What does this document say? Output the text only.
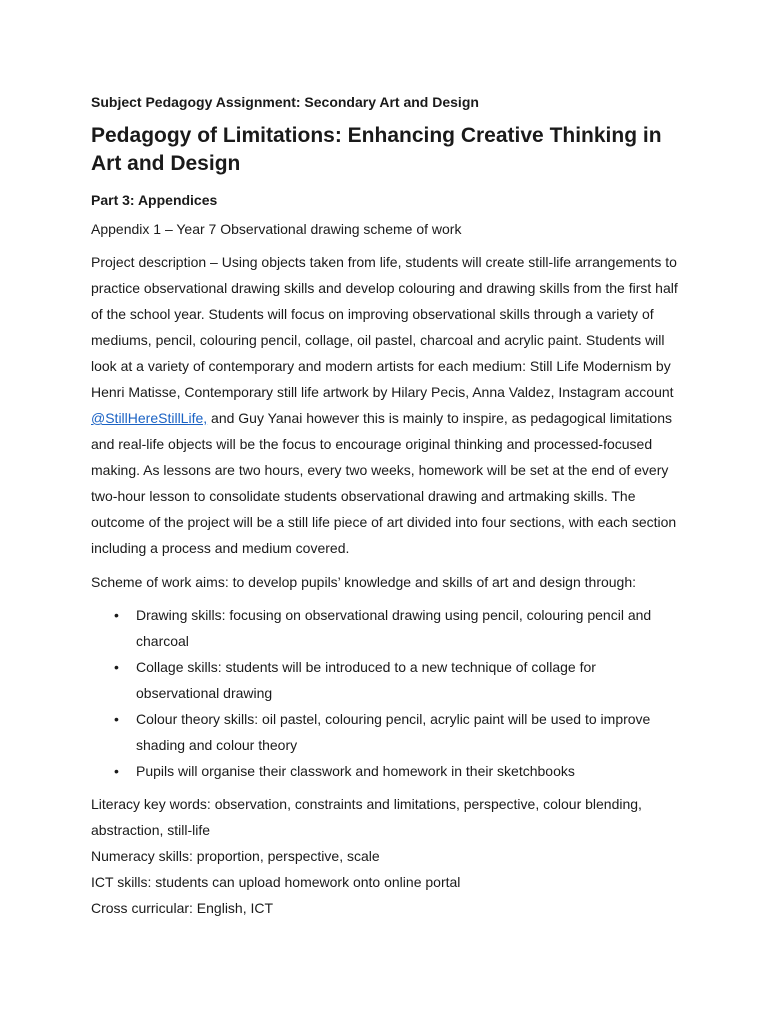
Subject Pedagogy Assignment: Secondary Art and Design

Pedagogy of Limitations: Enhancing Creative Thinking in Art and Design
Part 3: Appendices

Appendix 1 – Year 7 Observational drawing scheme of work

Project description – Using objects taken from life, students will create still-life arrangements to practice observational drawing skills and develop colouring and drawing skills from the first half of the school year. Students will focus on improving observational skills through a variety of mediums, pencil, colouring pencil, collage, oil pastel, charcoal and acrylic paint. Students will look at a variety of contemporary and modern artists for each medium: Still Life Modernism by Henri Matisse, Contemporary still life artwork by Hilary Pecis, Anna Valdez, Instagram account @StillHereStillLife, and Guy Yanai however this is mainly to inspire, as pedagogical limitations and real-life objects will be the focus to encourage original thinking and processed-focused making. As lessons are two hours, every two weeks, homework will be set at the end of every two-hour lesson to consolidate students observational drawing and artmaking skills. The outcome of the project will be a still life piece of art divided into four sections, with each section including a process and medium covered.

Scheme of work aims: to develop pupils’ knowledge and skills of art and design through:

• Drawing skills: focusing on observational drawing using pencil, colouring pencil and charcoal
• Collage skills: students will be introduced to a new technique of collage for observational drawing
• Colour theory skills: oil pastel, colouring pencil, acrylic paint will be used to improve shading and colour theory
• Pupils will organise their classwork and homework in their sketchbooks

Literacy key words: observation, constraints and limitations, perspective, colour blending, abstraction, still-life

Numeracy skills: proportion, perspective, scale

ICT skills: students can upload homework onto online portal

Cross curricular: English, ICT
